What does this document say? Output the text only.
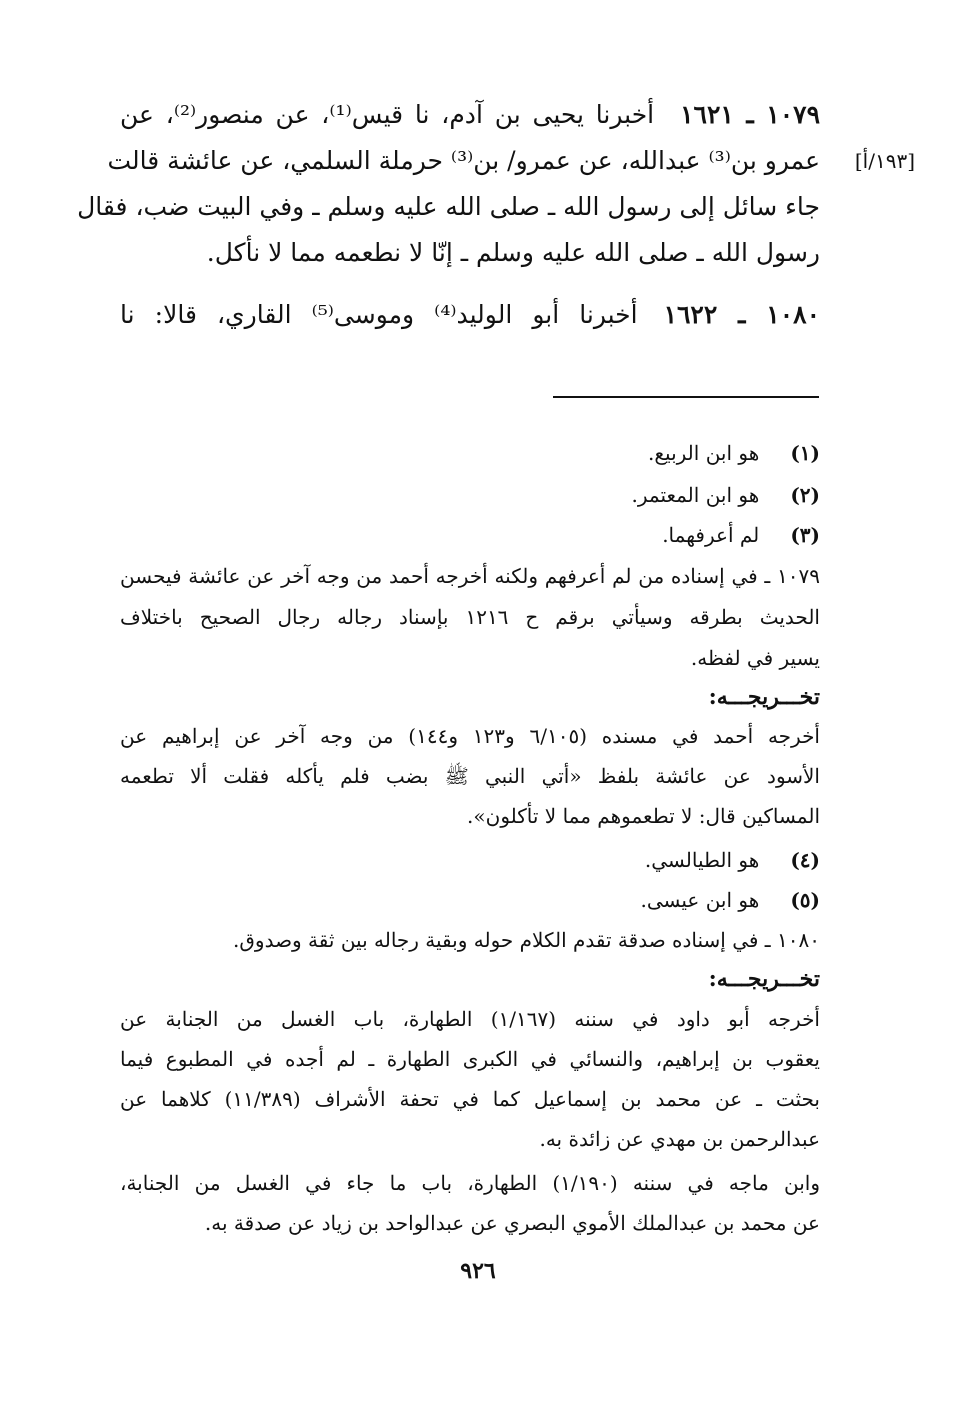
١٠٧٩ ـ ١٦٢١أخبرنا يحيى بن آدم، نا قيس⁽¹⁾، عن منصور⁽²⁾، عن
[١٩٣/أ]
عمرو بن⁽³⁾ عبدالله، عن عمرو/ بن⁽³⁾ حرملة السلمي، عن عائشة قالت
جاء سائل إلى رسول الله ـ صلى الله عليه وسلم ـ وفي البيت ضب، فقال
رسول الله ـ صلى الله عليه وسلم ـ إنّا لا نطعمه مما لا نأكل.
١٠٨٠ ـ ١٦٢٢أخبرنا أبو الوليد⁽⁴⁾ وموسى⁽⁵⁾ القاري، قالا: نا
(١)  هو ابن الربيع.
(٢)  هو ابن المعتمر.
(٣)  لم أعرفهما.
١٠٧٩ ـ في إسناده من لم أعرفهم ولكنه أخرجه أحمد من وجه آخر عن عائشة فيحسن
الحديث بطرقه وسيأتي برقم ح ١٢١٦ بإسناد رجاله رجال الصحيح باختلاف
يسير في لفظه.
تخـــريجـــه:
أخرجه أحمد في مسنده (٦/١٠٥ و١٢٣ و١٤٤) من وجه آخر عن إبراهيم عن
الأسود عن عائشة بلفظ «أتي النبي ﷺ بضب فلم يأكله فقلت ألا تطعمه
المساكين قال: لا تطعموهم مما لا تأكلون».
(٤)  هو الطيالسي.
(٥)  هو ابن عيسى.
١٠٨٠ ـ في إسناده صدقة تقدم الكلام حوله وبقية رجاله بين ثقة وصدوق.
تخـــريجـــه:
أخرجه أبو داود في سننه (١/١٦٧) الطهارة، باب الغسل من الجنابة عن
يعقوب بن إبراهيم، والنسائي في الكبرى الطهارة ـ لم أجده في المطبوع فيما
بحثت ـ عن محمد بن إسماعيل كما في تحفة الأشراف (١١/٣٨٩) كلاهما عن
عبدالرحمن بن مهدي عن زائدة به.
وابن ماجه في سننه (١/١٩٠) الطهارة، باب ما جاء في الغسل من الجنابة،
عن محمد بن عبدالملك الأموي البصري عن عبدالواحد بن زياد عن صدقة به.
٩٢٦
